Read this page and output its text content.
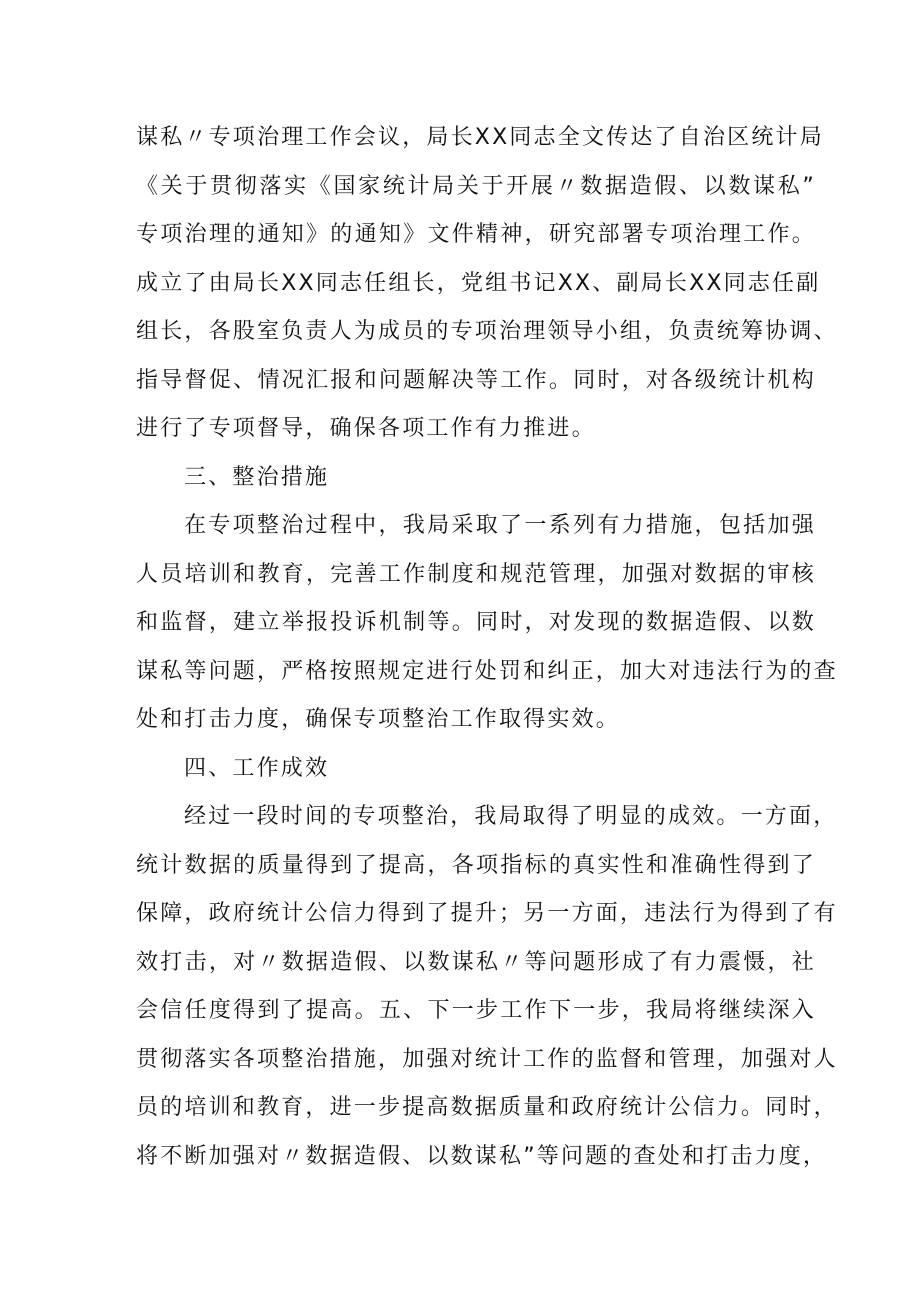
谋私〃专项治理工作会议，局长XX同志全文传达了自治区统计局
《关于贯彻落实《国家统计局关于开展〃数据造假、以数谋私”
专项治理的通知》的通知》文件精神，研究部署专项治理工作。
成立了由局长XX同志任组长，党组书记XX、副局长XX同志任副
组长，各股室负责人为成员的专项治理领导小组，负责统筹协调、
指导督促、情况汇报和问题解决等工作。同时，对各级统计机构
进行了专项督导，确保各项工作有力推进。
三、整治措施
在专项整治过程中，我局采取了一系列有力措施，包括加强
人员培训和教育，完善工作制度和规范管理，加强对数据的审核
和监督，建立举报投诉机制等。同时，对发现的数据造假、以数
谋私等问题，严格按照规定进行处罚和纠正，加大对违法行为的查
处和打击力度，确保专项整治工作取得实效。
四、工作成效
经过一段时间的专项整治，我局取得了明显的成效。一方面，
统计数据的质量得到了提高，各项指标的真实性和准确性得到了
保障，政府统计公信力得到了提升；另一方面，违法行为得到了有
效打击，对〃数据造假、以数谋私〃等问题形成了有力震慑，社
会信任度得到了提高。五、下一步工作下一步，我局将继续深入
贯彻落实各项整治措施，加强对统计工作的监督和管理，加强对人
员的培训和教育，进一步提高数据质量和政府统计公信力。同时，
将不断加强对〃数据造假、以数谋私”等问题的查处和打击力度，
